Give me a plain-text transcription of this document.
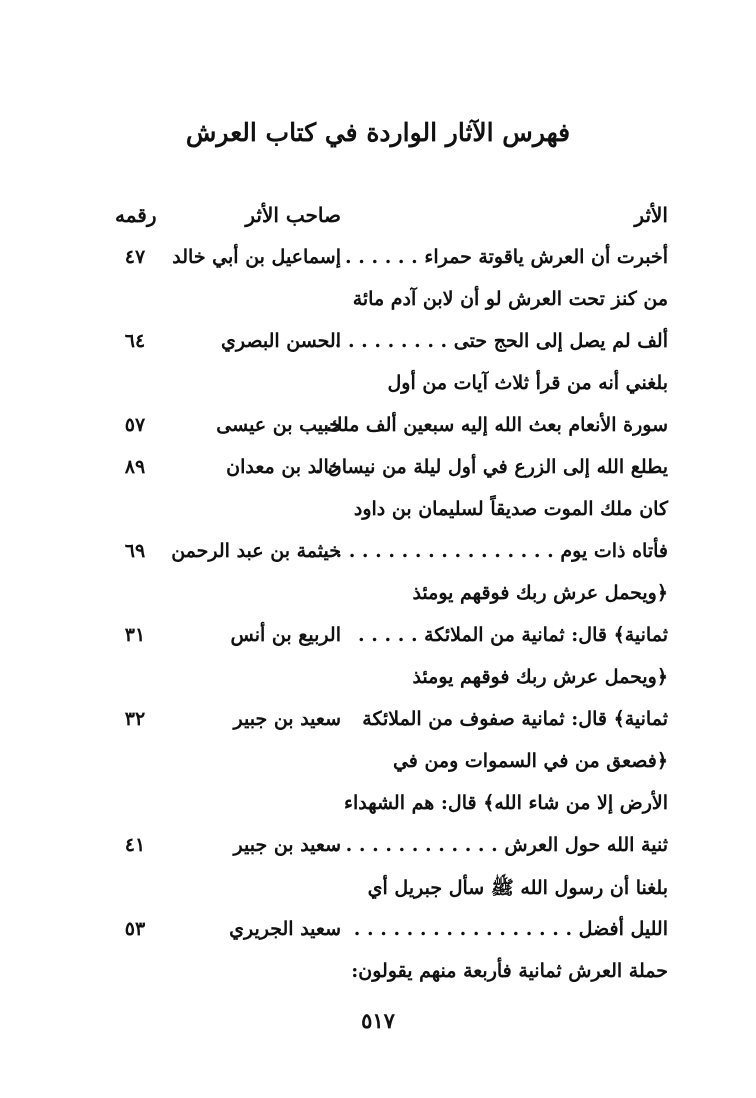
فهرس الآثار الواردة في كتاب العرش
الأثر
صاحب الأثر
رقمه
أخبرت أن العرش ياقوتة حمراء . . . . . .
إسماعيل بن أبي خالد
٤٧
من كنز تحت العرش لو أن لابن آدم مائة
ألف لم يصل إلى الحج حتى . . . . . . . . .
الحسن البصري
٦٤
بلغني أنه من قرأ ثلاث آيات من أول
سورة الأنعام بعث الله إليه سبعين ألف ملك
حبيب بن عيسى
٥٧
يطلع الله إلى الزرع في أول ليلة من نيسان .
خالد بن معدان
٨٩
كان ملك الموت صديقاً لسليمان بن داود
فأتاه ذات يوم . . . . . . . . . . . . . . . . . .
خيثمة بن عبد الرحمن
٦٩
﴿ويحمل عرش ربك فوقهم يومئذ
ثمانية﴾ قال: ثمانية من الملائكة . . . . .
الربيع بن أنس
٣١
﴿ويحمل عرش ربك فوقهم يومئذ
ثمانية﴾ قال: ثمانية صفوف من الملائكة
سعيد بن جبير
٣٢
﴿فصعق من في السموات ومن في
الأرض إلا من شاء الله﴾ قال: هم الشهداء
ثنية الله حول العرش . . . . . . . . . . . . . .
سعيد بن جبير
٤١
بلغنا أن رسول الله ﷺ سأل جبريل أي
الليل أفضل . . . . . . . . . . . . . . . . .
سعيد الجريري
٥٣
حملة العرش ثمانية فأربعة منهم يقولون:
٥١٧
